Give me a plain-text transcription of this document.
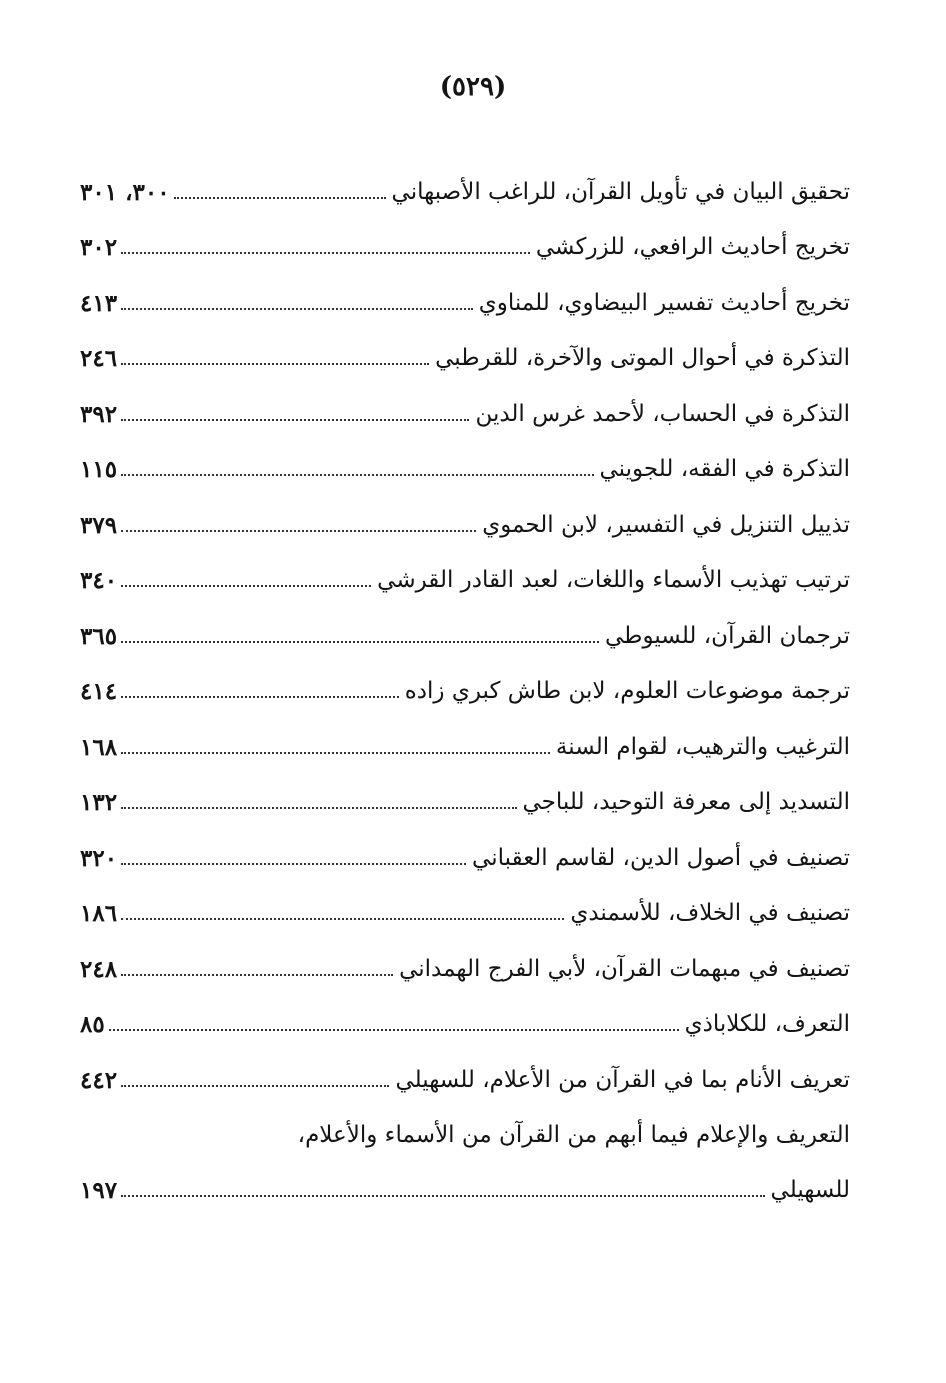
(٥٢٩)
تحقيق البيان في تأويل القرآن، للراغب الأصبهاني
٣٠٠، ٣٠١
تخريج أحاديث الرافعي، للزركشي
٣٠٢
تخريج أحاديث تفسير البيضاوي، للمناوي
٤١٣
التذكرة في أحوال الموتى والآخرة، للقرطبي
٢٤٦
التذكرة في الحساب، لأحمد غرس الدين
٣٩٢
التذكرة في الفقه، للجويني
١١٥
تذييل التنزيل في التفسير، لابن الحموي
٣٧٩
ترتيب تهذيب الأسماء واللغات، لعبد القادر القرشي
٣٤٠
ترجمان القرآن، للسيوطي
٣٦٥
ترجمة موضوعات العلوم، لابن طاش كبري زاده
٤١٤
الترغيب والترهيب، لقوام السنة
١٦٨
التسديد إلى معرفة التوحيد، للباجي
١٣٢
تصنيف في أصول الدين، لقاسم العقباني
٣٢٠
تصنيف في الخلاف، للأسمندي
١٨٦
تصنيف في مبهمات القرآن، لأبي الفرج الهمداني
٢٤٨
التعرف، للكلاباذي
٨٥
تعريف الأنام بما في القرآن من الأعلام، للسهيلي
٤٤٢
التعريف والإعلام فيما أبهم من القرآن من الأسماء والأعلام،
للسهيلي
١٩٧
